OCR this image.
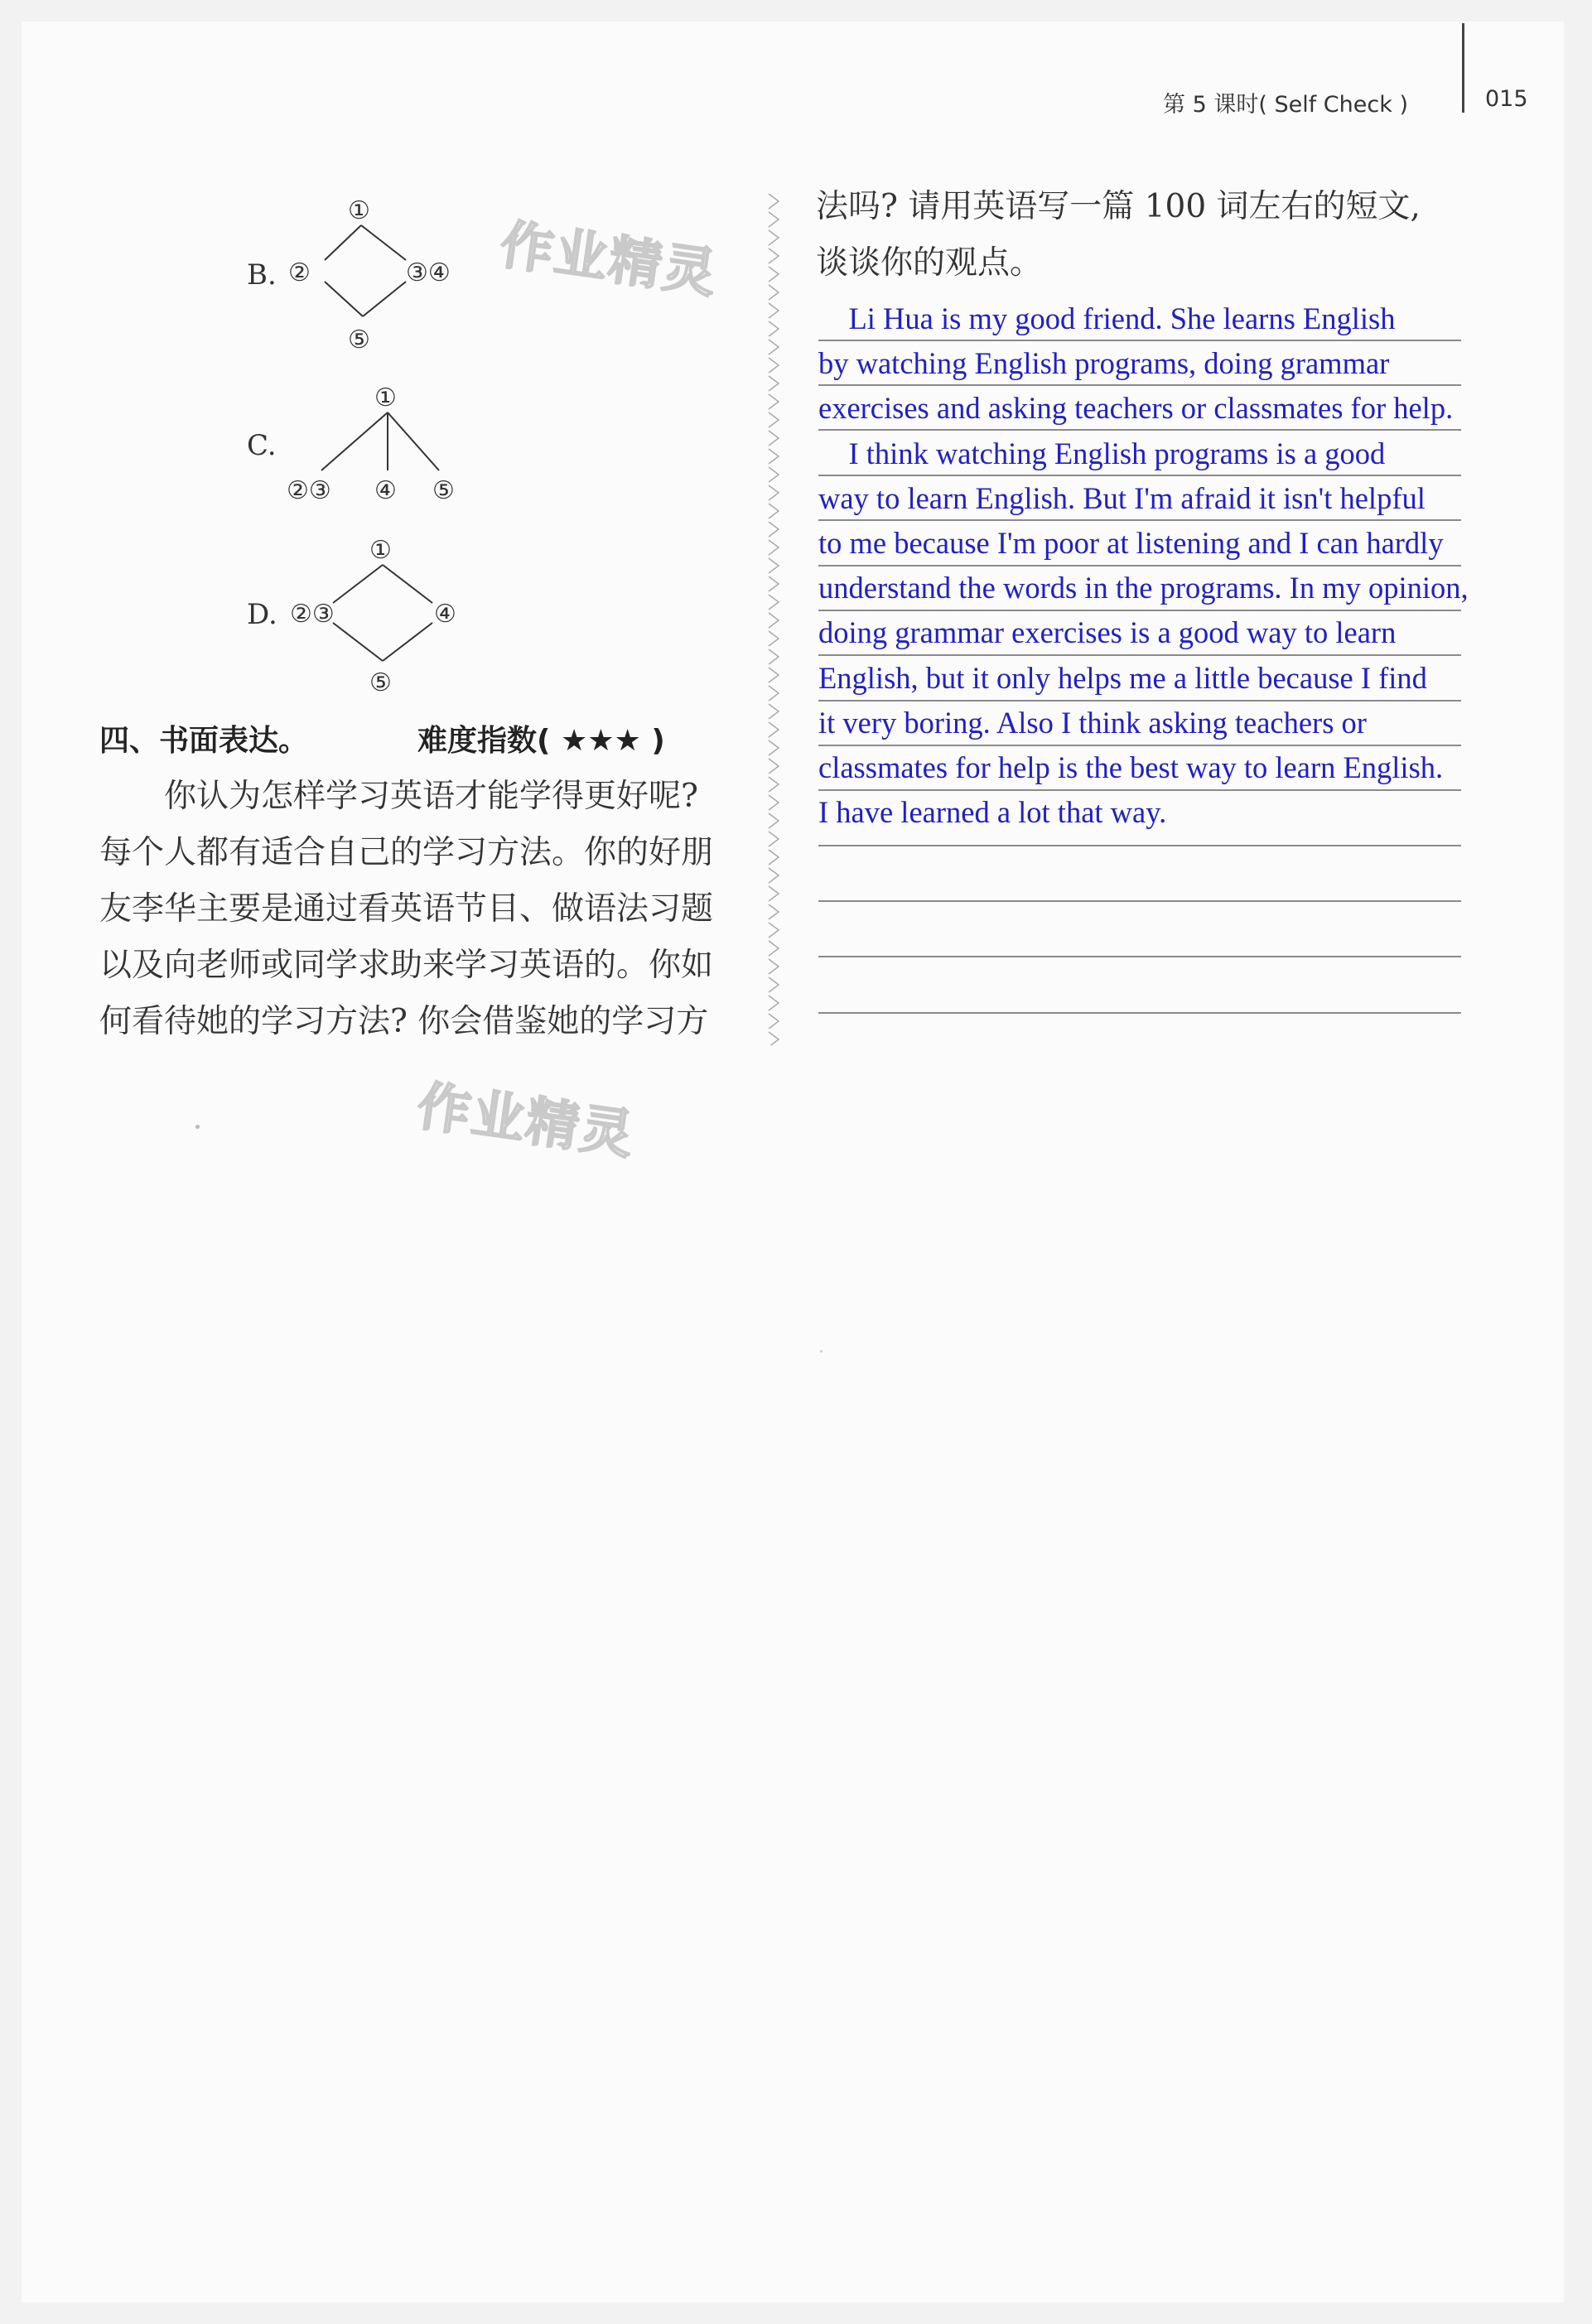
第 5 课时( Self Check )	015
B.
①
②	③④
⑤
C.
①
②③ ④ ⑤
D.
①
②③	④
⑤
作业精灵
作业精灵
四、书面表达。	难度指数( ★★★ )

　　你认为怎样学习英语才能学得更好呢?

每个人都有适合自己的学习方法。你的好朋

友李华主要是通过看英语节目、做语法习题

以及向老师或同学求助来学习英语的。你如

何看待她的学习方法? 你会借鉴她的学习方

法吗? 请用英语写一篇 100 词左右的短文,

谈谈你的观点。

　Li Hua is my good friend. She learns English
by watching English programs, doing grammar
exercises and asking teachers or classmates for help.
　I think watching English programs is a good
way to learn English. But I'm afraid it isn't helpful
to me because I'm poor at listening and I can hardly
understand the words in the programs. In my opinion,
doing grammar exercises is a good way to learn
English, but it only helps me a little because I find
it very boring. Also I think asking teachers or
classmates for help is the best way to learn English.
I have learned a lot that way.
